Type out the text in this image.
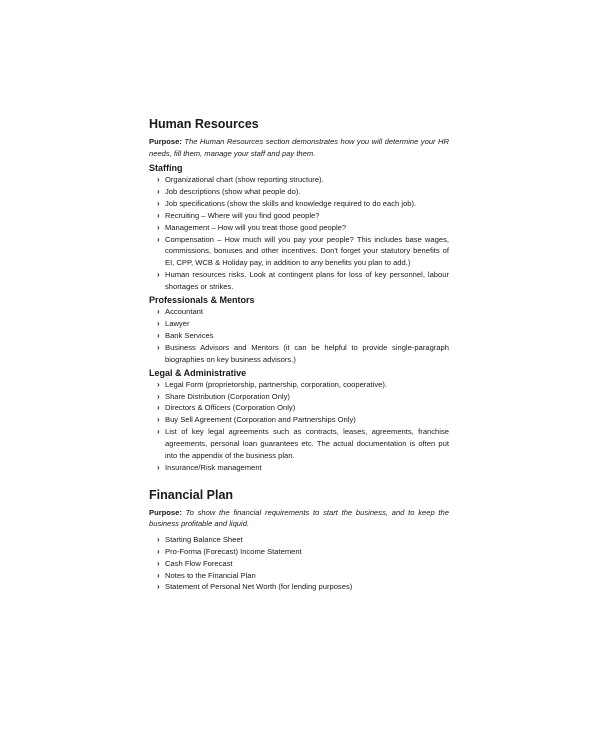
Human Resources

Purpose: The Human Resources section demonstrates how you will determine your HR needs, fill them, manage your staff and pay them.

Staffing
› Organizational chart (show reporting structure).
› Job descriptions (show what people do).
› Job specifications (show the skills and knowledge required to do each job).
› Recruiting – Where will you find good people?
› Management – How will you treat those good people?
› Compensation – How much will you pay your people? This includes base wages, commissions, bonuses and other incentives. Don't forget your statutory benefits of EI, CPP, WCB & Holiday pay, in addition to any benefits you plan to add.)
› Human resources risks. Look at contingent plans for loss of key personnel, labour shortages or strikes.
Professionals & Mentors
› Accountant
› Lawyer
› Bank Services
› Business Advisors and Mentors (it can be helpful to provide single-paragraph biographies on key business advisors.)
Legal & Administrative
› Legal Form (proprietorship, partnership, corporation, cooperative).
› Share Distribution (Corporation Only)
› Directors & Officers (Corporation Only)
› Buy Sell Agreement (Corporation and Partnerships Only)
› List of key legal agreements such as contracts, leases, agreements, franchise agreements, personal loan guarantees etc. The actual documentation is often put into the appendix of the business plan.
› Insurance/Risk management
Financial Plan

Purpose: To show the financial requirements to start the business, and to keep the business profitable and liquid.

› Starting Balance Sheet
› Pro-Forma (Forecast) Income Statement
› Cash Flow Forecast
› Notes to the Financial Plan
› Statement of Personal Net Worth (for lending purposes)
